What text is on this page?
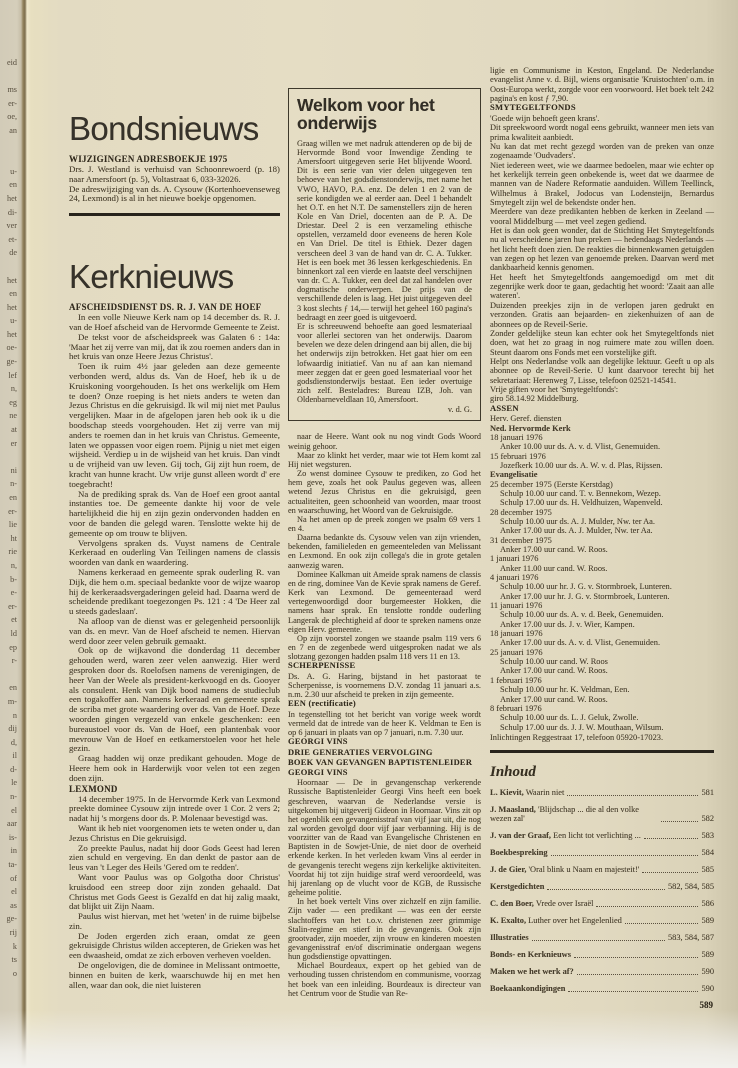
eid
ms
er-
oe,
an
u-
en
het
di-
ver
et-
de
het
en
het
u-
het
oe-
ge-
lef
n,
eg
ne
at
er
ni
n-
en
er-
lie
ht
rie
n,
b-
e-
er-
et
ld
ep
r-
en
m-
n
dij
d,
il
d-
le
n-
el
aar
is-
in
ta-
of
el
as
ge-
rij
k
ts
o
Bondsnieuws
WIJZIGINGEN ADRESBOEKJE 1975

Drs. J. Westland is verhuisd van Schoonrewoerd (p. 18) naar Amersfoort (p. 5), Voltastraat 6, 033-32026.

De adreswijziging van ds. A. Cysouw (Kortenhoevenseweg 24, Lexmond) is al in het nieuwe boekje opgenomen.

Kerknieuws
AFSCHEIDSDIENST DS. R. J. VAN DE HOEF

In een volle Nieuwe Kerk nam op 14 december ds. R. J. van de Hoef afscheid van de Hervormde Gemeente te Zeist.

De tekst voor de afscheidspreek was Galaten 6 : 14a: 'Maar het zij verre van mij, dat ik zou roemen anders dan in het kruis van onze Heere Jezus Christus'.

Toen ik ruim 4½ jaar geleden aan deze gemeente verbonden werd, aldus ds. Van de Hoef, heb ik u de Kruiskoning voorgehouden. Is het ons werkelijk om Hem te doen? Onze roeping is het niets anders te weten dan Jezus Christus en die gekruisigd. Ik wil mij niet met Paulus vergelijken. Maar in de afgelopen jaren heb ook ik u die boodschap steeds voorgehouden. Het zij verre van mij anders te roemen dan in het kruis van Christus. Gemeente, laten we oppassen voor eigen roem. Pijnig u niet met eigen wijsheid. Verdiep u in de wijsheid van het kruis. Dan vindt u de vrijheid van uw leven. Gij toch, Gij zijt hun roem, de kracht van hunne kracht. Uw vrije gunst alleen wordt d' ere toegebracht!

Na de prediking sprak ds. Van de Hoef een groot aantal instanties toe. De gemeente dankte hij voor de vele hartelijkheid die hij en zijn gezin ondervonden hadden en voor de banden die gelegd waren. Tenslotte wekte hij de gemeente op om trouw te blijven.

Vervolgens spraken ds. Vuyst namens de Centrale Kerkeraad en ouderling Van Teilingen namens de classis woorden van dank en waardering.

Namens kerkeraad en gemeente sprak ouderling R. van Dijk, die hem o.m. speciaal bedankte voor de wijze waarop hij de kerkeraadsvergaderingen geleid had. Daarna werd de scheidende predikant toegezongen Ps. 121 : 4 'De Heer zal u steeds gadeslaan'.

Na afloop van de dienst was er gelegenheid persoonlijk van ds. en mevr. Van de Hoef afscheid te nemen. Hiervan werd door zeer velen gebruik gemaakt.

Ook op de wijkavond die donderdag 11 december gehouden werd, waren zeer velen aanwezig. Hier werd gesproken door ds. Roelofsen namens de verenigingen, de heer Van der Weele als president-kerkvoogd en ds. Gooyer als consulent. Henk van Dijk bood namens de studieclub een togakoffer aan. Namens kerkeraad en gemeente sprak de scriba met grote waardering over ds. Van de Hoef. Deze woorden gingen vergezeld van enkele geschenken: een bureaustoel voor ds. Van de Hoef, een plantenbak voor mevrouw Van de Hoef en eetkamerstoelen voor het hele gezin.

Graag hadden wij onze predikant gehouden. Moge de Heere hem ook in Harderwijk voor velen tot een zegen doen zijn.

LEXMOND

14 december 1975. In de Hervormde Kerk van Lexmond preekte dominee Cysouw zijn intrede over 1 Cor. 2 vers 2; nadat hij 's morgens door ds. P. Molenaar bevestigd was.

Want ik heb niet voorgenomen iets te weten onder u, dan Jezus Christus en Die gekruisigd.

Zo preekte Paulus, nadat hij door Gods Geest had leren zien schuld en vergeving. En dan denkt de pastor aan de leus van 't Leger des Heils 'Gered om te redden'.

Want voor Paulus was op Golgotha door Christus' kruisdood een streep door zijn zonden gehaald. Dat Christus met Gods Geest is Gezalfd en dat hij zalig maakt, dat blijkt uit Zijn Naam.

Paulus wist hiervan, met het 'weten' in de ruime bijbelse zin.

De Joden ergerden zich eraan, omdat ze geen gekruisigde Christus wilden accepteren, de Grieken was het een dwaasheid, omdat ze zich erboven verheven voelden.

De ongelovigen, die de dominee in Melissant ontmoette, binnen en buiten de kerk, waarschuwde hij en met hen allen, waar dan ook, die niet luisteren

Welkom voor het onderwijs

Graag willen we met nadruk attenderen op de bij de Hervormde Bond voor Inwendige Zending te Amersfoort uitgegeven serie Het blijvende Woord. Dit is een serie van vier delen uitgegeven ten behoeve van het godsdienstonderwijs, met name het VWO, HAVO, P.A. enz. De delen 1 en 2 van de serie kondigden we al eerder aan. Deel 1 behandelt het O.T. en het N.T. De samenstellers zijn de heren Kole en Van Driel, docenten aan de P. A. De Driestar. Deel 2 is een verzameling ethische opstellen, verzameld door eveneens de heren Kole en Van Driel. De titel is Ethiek. Dezer dagen verscheen deel 3 van de hand van dr. C. A. Tukker. Het is een boek met 36 lessen kerkgeschiedenis. En binnenkort zal een vierde en laatste deel verschijnen van dr. C. A. Tukker, een deel dat zal handelen over dogmatische onderwerpen. De prijs van de verschillende delen is laag. Het juist uitgegeven deel 3 kost slechts ƒ 14,— terwijl het geheel 160 pagina's bedraagt en zeer goed is uitgevoerd.

Er is schreeuwend behoefte aan goed lesmateriaal voor allerlei sectoren van het onderwijs. Daarom bevelen we deze delen dringend aan bij allen, die bij het onderwijs zijn betrokken. Het gaat hier om een lofwaardig initiatief. Van nu af aan kan niemand meer zeggen dat er geen goed lesmateriaal voor het godsdienstonderwijs bestaat. Een ieder overtuige zich zelf. Besteladres: Bureau IZB, Joh. van Oldenbarneveldlaan 10, Amersfoort.

v. d. G.

naar de Heere. Want ook nu nog vindt Gods Woord weinig gehoor.

Maar zo klinkt het verder, maar wie tot Hem komt zal Hij niet wegsturen.

Zo wenst dominee Cysouw te prediken, zo God het hem geve, zoals het ook Paulus gegeven was, alleen wetend Jezus Christus en die gekruisigd, geen actualiteiten, geen schoonheid van woorden, maar troost en waarschuwing, het Woord van de Gekruisigde.

Na het amen op de preek zongen we psalm 69 vers 1 en 4.

Daarna bedankte ds. Cysouw velen van zijn vrienden, bekenden, familieleden en gemeenteleden van Melissant en Lexmond. En ook zijn collega's die in grote getalen aanwezig waren.

Dominee Kalkman uit Ameide sprak namens de classis en de ring, dominee Van de Kevie sprak namens de Geref. Kerk van Lexmond. De gemeenteraad werd vertegenwoordigd door burgemeester Hokken, die namens haar sprak. En tenslotte rondde ouderling Langerak de plechtigheid af door te spreken namens onze eigen Herv. gemeente.

Op zijn voorstel zongen we staande psalm 119 vers 6 en 7 en de zegenbede werd uitgesproken nadat we als slotzang gezongen hadden psalm 118 vers 11 en 13.

SCHERPENISSE

Ds. A. G. Haring, bijstand in het pastoraat te Scherpenisse, is voornemens D.V. zondag 11 januari a.s. n.m. 2.30 uur afscheid te preken in zijn gemeente.

EEN (rectificatie)

In tegenstelling tot het bericht van vorige week wordt vermeld dat de intrede van de heer K. Veldman te Een is op 6 januari in plaats van op 7 januari, n.m. 7.30 uur.

GEORGI VINS
DRIE GENERATIES VERVOLGING
BOEK VAN GEVANGEN BAPTISTENLEIDER GEORGI VINS

Hoornaar — De in gevangenschap verkerende Russische Baptistenleider Georgi Vins heeft een boek geschreven, waarvan de Nederlandse versie is uitgekomen bij uitgeverij Gideon in Hoornaar. Vins zit op het ogenblik een gevangenisstraf van vijf jaar uit, die nog zal worden gevolgd door vijf jaar verbanning. Hij is de voorzitter van de Raad van Evangelische Christenen en Baptisten in de Sowjet-Unie, de niet door de overheid erkende kerken. In het verleden kwam Vins al eerder in de gevangenis terecht wegens zijn kerkelijke aktiviteiten. Voordat hij tot zijn huidige straf werd veroordeeld, was hij jarenlang op de vlucht voor de KGB, de Russische geheime politie.

In het boek vertelt Vins over zichzelf en zijn familie. Zijn vader — een predikant — was een der eerste slachtoffers van het t.o.v. christenen zeer grimmige Stalin-regime en stierf in de gevangenis. Ook zijn grootvader, zijn moeder, zijn vrouw en kinderen moesten gevangenisstraf en/of discriminatie ondergaan wegens hun godsdienstige opvattingen.

Michael Bourdeaux, expert op het gebied van de verhouding tussen christendom en communisme, voorzag het boek van een inleiding. Bourdeaux is directeur van het Centrum voor de Studie van Re-

ligie en Communisme in Keston, Engeland. De Nederlandse evangelist Anne v. d. Bijl, wiens organisatie 'Kruistochten' o.m. in Oost-Europa werkt, zorgde voor een voorwoord. Het boek telt 242 pagina's en kost ƒ 7,90.

SMYTEGELTFONDS

'Goede wijn behoeft geen krans'.

Dit spreekwoord wordt nogal eens gebruikt, wanneer men iets van prima kwaliteit aanbiedt.

Nu kan dat met recht gezegd worden van de preken van onze zogenaamde 'Oudvaders'.

Niet iedereen weet, wie we daarmee bedoelen, maar wie echter op het kerkelijk terrein geen onbekende is, weet dat we daarmee de mannen van de Nadere Reformatie aanduiden. Willem Teellinck, Wilhelmus à Brakel, Jodocus van Lodensteijn, Bernardus Smytegelt zijn wel de bekendste onder hen.

Meerdere van deze predikanten hebben de kerken in Zeeland — vooral Middelburg — met veel zegen gediend.

Het is dan ook geen wonder, dat de Stichting Het Smytegeltfonds nu al verscheidene jaren hun preken — hedendaags Nederlands — het licht heeft doen zien. De reakties die binnenkwamen getuigden van zegen op het lezen van genoemde preken. Daarvan werd met dankbaarheid kennis genomen.

Het heeft het Smytegeltfonds aangemoedigd om met dit zegenrijke werk door te gaan, gedachtig het woord: 'Zaait aan alle wateren'.

Duizenden preekjes zijn in de verlopen jaren gedrukt en verzonden. Gratis aan bejaarden- en ziekenhuizen of aan de abonnees op de Reveil-Serie.

Zonder geldelijke steun kan echter ook het Smytegeltfonds niet doen, wat het zo graag in nog ruimere mate zou willen doen. Steunt daarom ons Fonds met een vorstelijke gift.

Helpt ons Nederlandse volk aan degelijke lektuur. Geeft u op als abonnee op de Reveil-Serie. U kunt daarvoor terecht bij het sekretariaat: Herenweg 7, Lisse, telefoon 02521-14541.

Vrije giften voor het 'Smytegeltfonds':

giro 58.14.92 Middelburg.

ASSEN
Herv. Geref. diensten
Ned. Hervormde Kerk
18 januari 1976
Anker 10.00 uur ds. A. v. d. Vlist, Genemuiden.
15 februari 1976
Jozefkerk 10.00 uur ds. A. W. v. d. Plas, Rijssen.
Evangelisatie
25 december 1975 (Eerste Kerstdag)
Schulp 10.00 uur cand. T. v. Bennekom, Wezep.
Schulp 17.00 uur ds. H. Veldhuizen, Wapenveld.
28 december 1975
Schulp 10.00 uur ds. A. J. Mulder, Nw. ter Aa.
Anker 17.00 uur ds. A. J. Mulder, Nw. ter Aa.
31 december 1975
Anker 17.00 uur cand. W. Roos.
1 januari 1976
Anker 11.00 uur cand. W. Roos.
4 januari 1976
Schulp 10.00 uur hr. J. G. v. Stormbroek, Lunteren.
Anker 17.00 uur hr. J. G. v. Stormbroek, Lunteren.
11 januari 1976
Schulp 10.00 uur ds. A. v. d. Beek, Genemuiden.
Anker 17.00 uur ds. J. v. Wier, Kampen.
18 januari 1976
Anker 17.00 uur ds. A. v. d. Vlist, Genemuiden.
25 januari 1976
Schulp 10.00 uur cand. W. Roos
Anker 17.00 uur cand. W. Roos.
1 februari 1976
Schulp 10.00 uur hr. K. Veldman, Een.
Anker 17.00 uur cand. W. Roos.
8 februari 1976
Schulp 10.00 uur ds. L. J. Geluk, Zwolle.
Schulp 17.00 uur ds. J. J. W. Mouthaan, Wilsum.
Inlichtingen Reggestraat 17, telefoon 05920-17023.
Inhoud
L. Kievit, Waarin niet	581
J. Maasland, 'Blijdschap ... die al den volke wezen zal'	582
J. van der Graaf, Een licht tot verlichting ...	583
Boekbespreking	584
J. de Gier, 'Oral blink u Naam en majesteit!'	585
Kerstgedichten	582, 584, 585
C. den Boer, Vrede over Israël	586
K. Exalto, Luther over het Engelenlied	589
Illustraties	583, 584, 587
Bonds- en Kerknieuws	589
Maken we het werk af?	590
Boekaankondigingen	590
589
